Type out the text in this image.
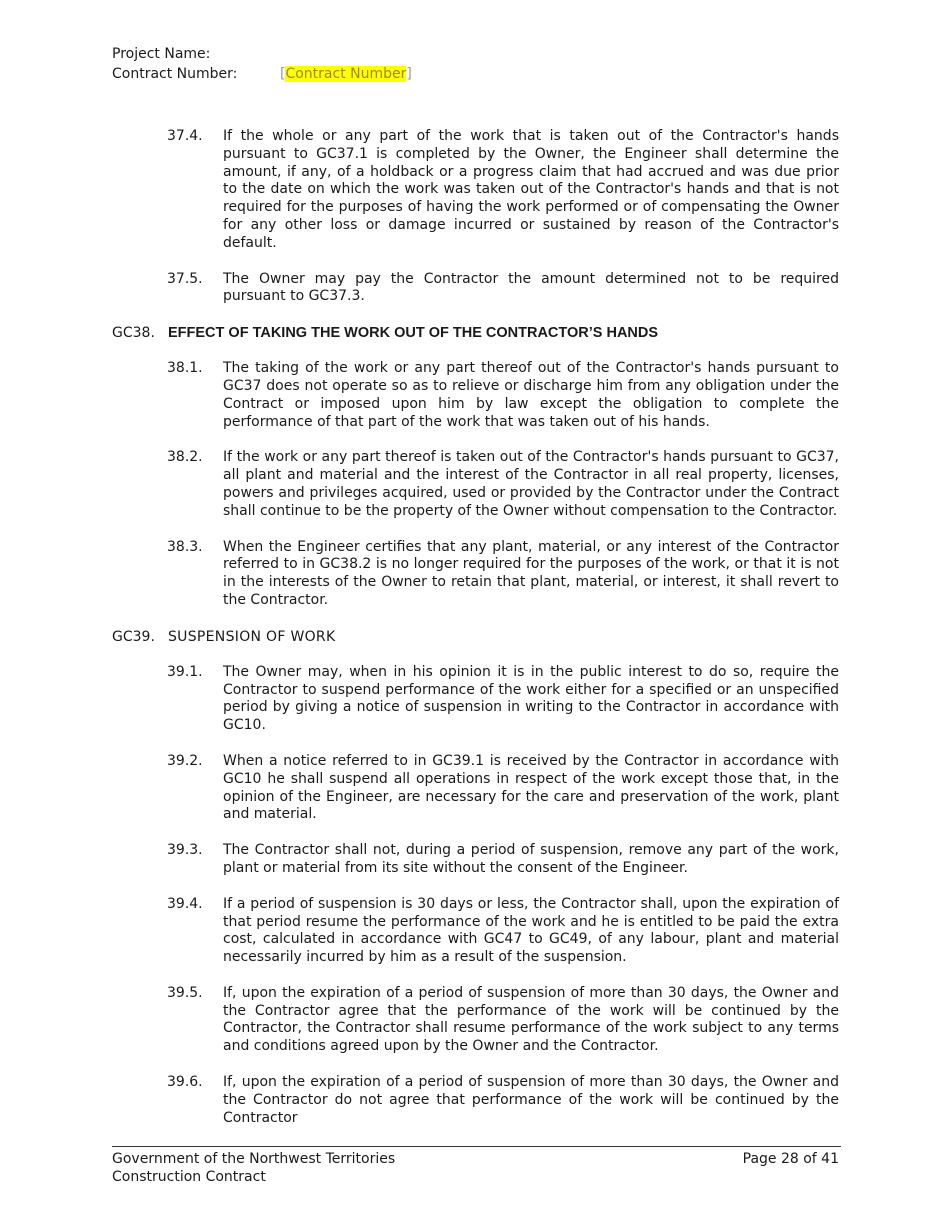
Project Name:
Contract Number:	[Contract Number]
37.4.	If the whole or any part of the work that is taken out of the Contractor's hands pursuant to GC37.1 is completed by the Owner, the Engineer shall determine the amount, if any, of a holdback or a progress claim that had accrued and was due prior to the date on which the work was taken out of the Contractor's hands and that is not required for the purposes of having the work performed or of compensating the Owner for any other loss or damage incurred or sustained by reason of the Contractor's default.
37.5.	The Owner may pay the Contractor the amount determined not to be required pursuant to GC37.3.
GC38. EFFECT OF TAKING THE WORK OUT OF THE CONTRACTOR’S HANDS
38.1.	The taking of the work or any part thereof out of the Contractor's hands pursuant to GC37 does not operate so as to relieve or discharge him from any obligation under the Contract or imposed upon him by law except the obligation to complete the performance of that part of the work that was taken out of his hands.
38.2.	If the work or any part thereof is taken out of the Contractor's hands pursuant to GC37, all plant and material and the interest of the Contractor in all real property, licenses, powers and privileges acquired, used or provided by the Contractor under the Contract shall continue to be the property of the Owner without compensation to the Contractor.
38.3.	When the Engineer certifies that any plant, material, or any interest of the Contractor referred to in GC38.2 is no longer required for the purposes of the work, or that it is not in the interests of the Owner to retain that plant, material, or interest, it shall revert to the Contractor.
GC39. SUSPENSION OF WORK
39.1.	The Owner may, when in his opinion it is in the public interest to do so, require the Contractor to suspend performance of the work either for a specified or an unspecified period by giving a notice of suspension in writing to the Contractor in accordance with GC10.
39.2.	When a notice referred to in GC39.1 is received by the Contractor in accordance with GC10 he shall suspend all operations in respect of the work except those that, in the opinion of the Engineer, are necessary for the care and preservation of the work, plant and material.
39.3.	The Contractor shall not, during a period of suspension, remove any part of the work, plant or material from its site without the consent of the Engineer.
39.4.	If a period of suspension is 30 days or less, the Contractor shall, upon the expiration of that period resume the performance of the work and he is entitled to be paid the extra cost, calculated in accordance with GC47 to GC49, of any labour, plant and material necessarily incurred by him as a result of the suspension.
39.5.	If, upon the expiration of a period of suspension of more than 30 days, the Owner and the Contractor agree that the performance of the work will be continued by the Contractor, the Contractor shall resume performance of the work subject to any terms and conditions agreed upon by the Owner and the Contractor.
39.6.	If, upon the expiration of a period of suspension of more than 30 days, the Owner and the Contractor do not agree that performance of the work will be continued by the Contractor
Government of the Northwest Territories
Construction Contract
Page 28 of 41
